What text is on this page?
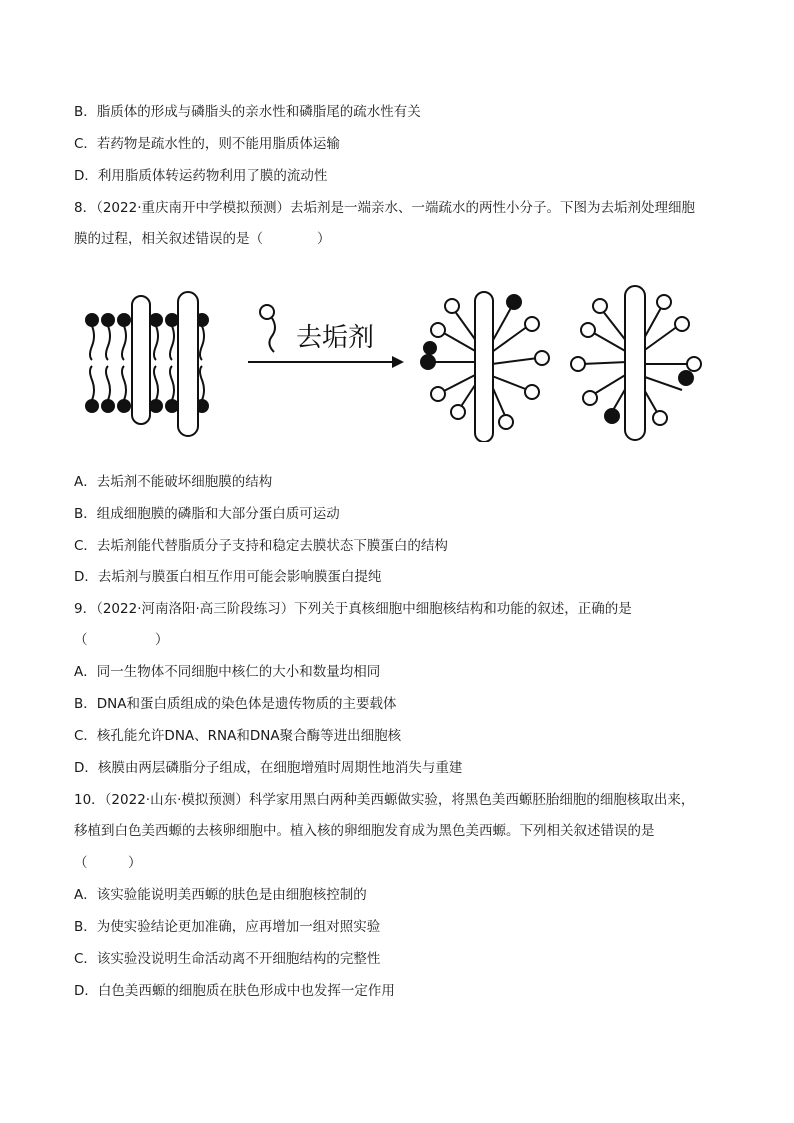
B．脂质体的形成与磷脂头的亲水性和磷脂尾的疏水性有关
C．若药物是疏水性的，则不能用脂质体运输
D．利用脂质体转运药物利用了膜的流动性
8．（2022·重庆南开中学模拟预测）去垢剂是一端亲水、一端疏水的两性小分子。下图为去垢剂处理细胞
膜的过程，相关叙述错误的是（　　　　）
去垢剂
A．去垢剂不能破坏细胞膜的结构
B．组成细胞膜的磷脂和大部分蛋白质可运动
C．去垢剂能代替脂质分子支持和稳定去膜状态下膜蛋白的结构
D．去垢剂与膜蛋白相互作用可能会影响膜蛋白提纯
9．（2022·河南洛阳·高三阶段练习）下列关于真核细胞中细胞核结构和功能的叙述，正确的是
（　　　　　）
A．同一生物体不同细胞中核仁的大小和数量均相同
B．DNA和蛋白质组成的染色体是遗传物质的主要载体
C．核孔能允许DNA、RNA和DNA聚合酶等进出细胞核
D．核膜由两层磷脂分子组成，在细胞增殖时周期性地消失与重建
10．（2022·山东·模拟预测）科学家用黑白两种美西螈做实验，将黑色美西螈胚胎细胞的细胞核取出来，
移植到白色美西螈的去核卵细胞中。植入核的卵细胞发育成为黑色美西螈。下列相关叙述错误的是
（　　　）
A．该实验能说明美西螈的肤色是由细胞核控制的
B．为使实验结论更加准确，应再增加一组对照实验
C．该实验没说明生命活动离不开细胞结构的完整性
D．白色美西螈的细胞质在肤色形成中也发挥一定作用
